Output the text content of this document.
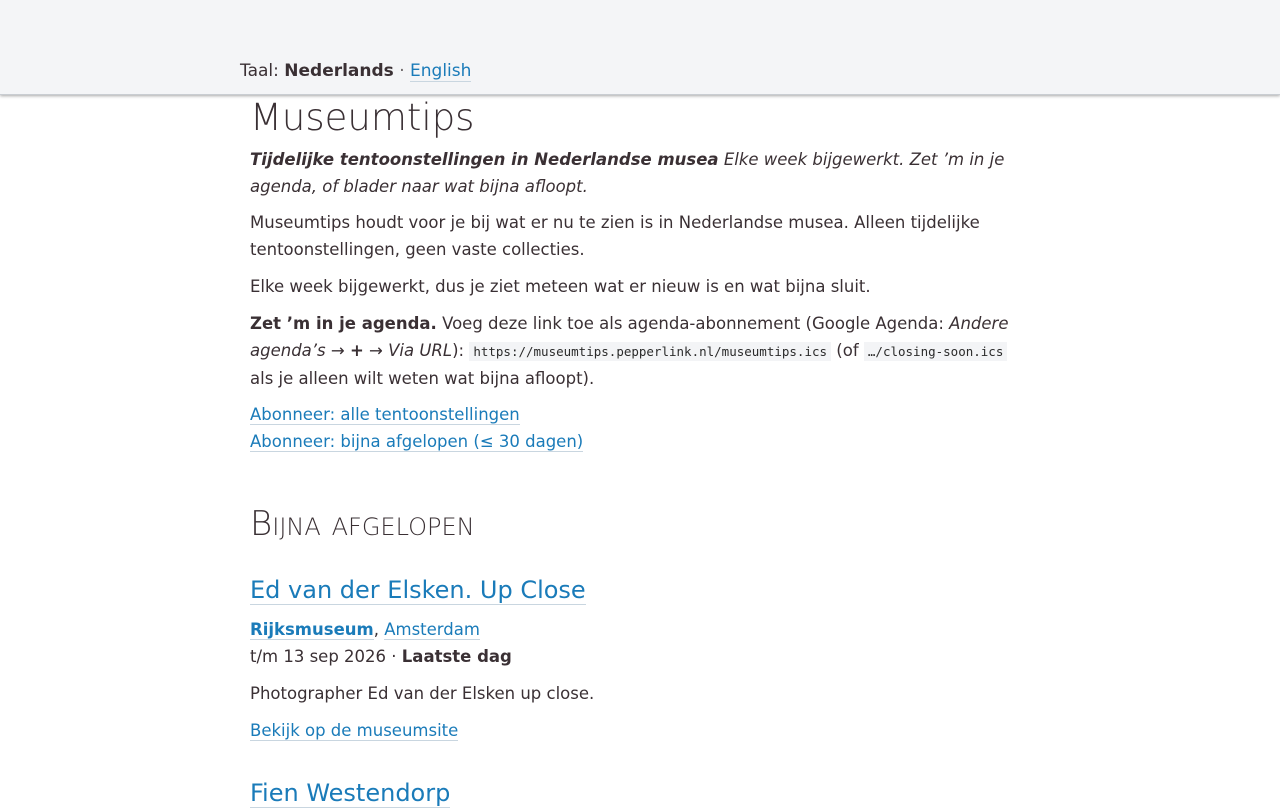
Taal: Nederlands · English
Museumtips
Tijdelijke tentoonstellingen in Nederlandse musea Elke week bijgewerkt. Zet ’m in je agenda, of blader naar wat bijna afloopt.
Museumtips houdt voor je bij wat er nu te zien is in Nederlandse musea. Alleen tijdelijke tentoonstellingen, geen vaste collecties.
Elke week bijgewerkt, dus je ziet meteen wat er nieuw is en wat bijna sluit.
Zet ’m in je agenda. Voeg deze link toe als agenda-abonnement (Google Agenda: Andere agenda’s → + → Via URL): https://museumtips.pepperlink.nl/museumtips.ics (of …/closing-soon.ics als je alleen wilt weten wat bijna afloopt).
Abonneer: alle tentoonstellingen
Abonneer: bijna afgelopen (≤ 30 dagen)
Bijna afgelopen
Ed van der Elsken. Up Close
Rijksmuseum, Amsterdam
t/m 13 sep 2026 · Laatste dag
Photographer Ed van der Elsken up close.
Bekijk op de museumsite
Fien Westendorp
